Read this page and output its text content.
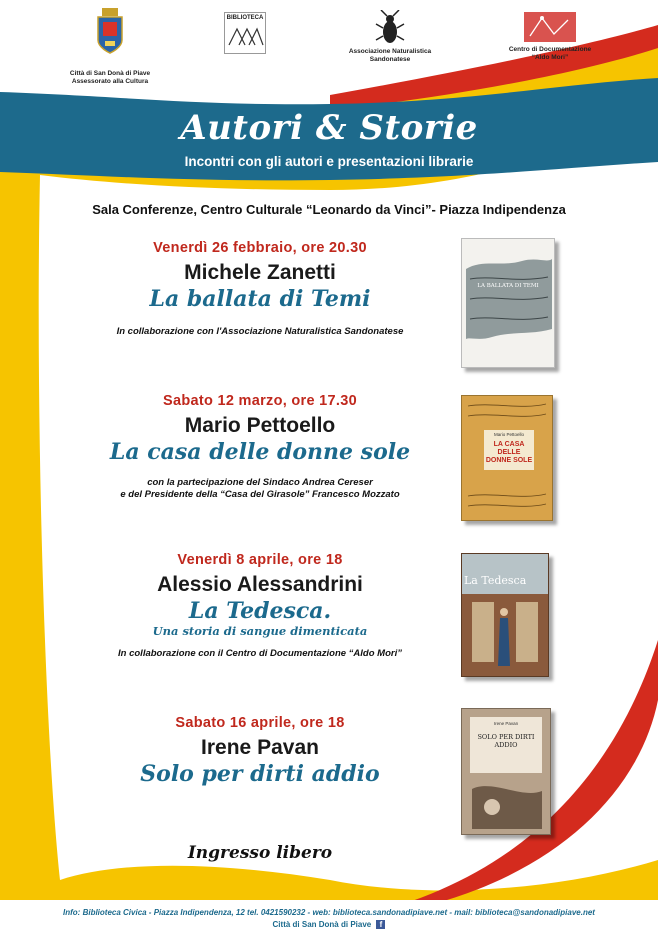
Città di San Donà di Piave
Assessorato alla Cultura
BIBLIOTECA
Associazione Naturalistica
Sandonatese
Centro di Documentazione
“Aldo Mori”
Autori & Storie
Incontri con gli autori e presentazioni librarie
Sala Conferenze, Centro Culturale “Leonardo da Vinci”- Piazza Indipendenza
Venerdì 26 febbraio, ore 20.30
Michele Zanetti
La ballata di Temi
In collaborazione con l'Associazione Naturalistica Sandonatese
LA BALLATA DI TEMI
Sabato 12 marzo, ore 17.30
Mario Pettoello
La casa delle donne sole
con la partecipazione del Sindaco Andrea Cereser
e del Presidente della “Casa del Girasole” Francesco Mozzato
Mario Pettoello
LA CASA DELLE DONNE SOLE
Venerdì 8 aprile, ore 18
Alessio Alessandrini
La Tedesca.
Una storia di sangue dimenticata
In collaborazione con il Centro di Documentazione “Aldo Mori”
La Tedesca
Sabato 16 aprile, ore 18
Irene Pavan
Solo per dirti addio
Irene Pavan
SOLO PER DIRTI ADDIO
Ingresso libero
Info: Biblioteca Civica - Piazza Indipendenza, 12 tel. 0421590232 - web: biblioteca.sandonadipiave.net - mail: biblioteca@sandonadipiave.net
Città di San Donà di Piave f
